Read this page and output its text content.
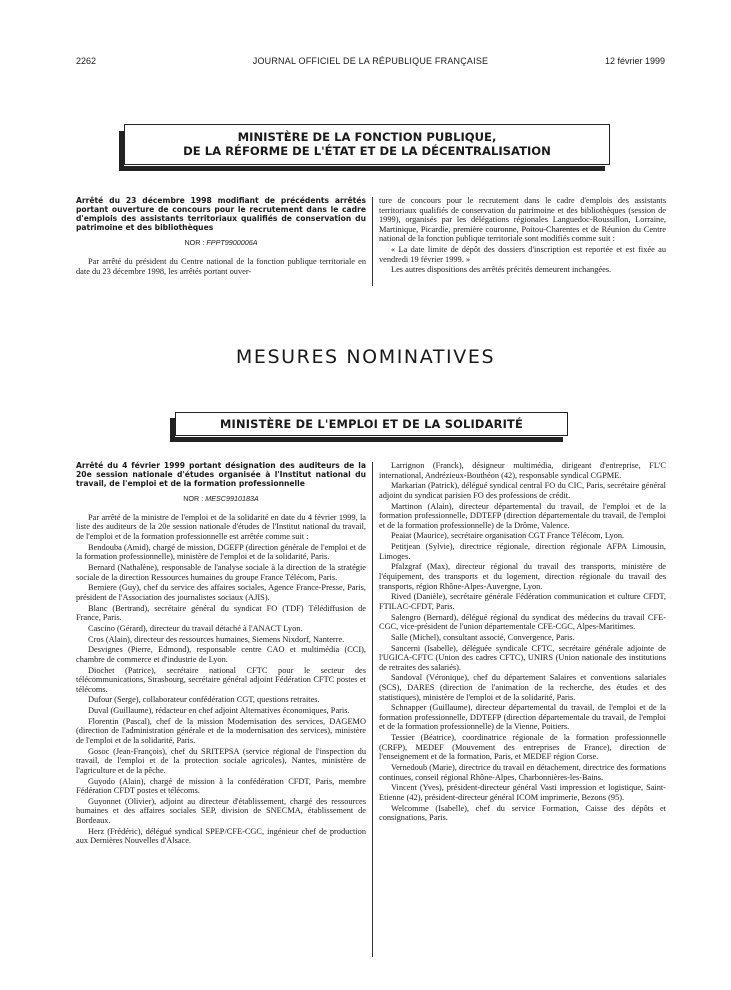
2262	JOURNAL OFFICIEL DE LA RÉPUBLIQUE FRANÇAISE	12 février 1999
MINISTÈRE DE LA FONCTION PUBLIQUE,
DE LA RÉFORME DE L'ÉTAT ET DE LA DÉCENTRALISATION

Arrêté du 23 décembre 1998 modifiant de précédents arrêtés portant ouverture de concours pour le recrutement dans le cadre d'emplois des assistants territoriaux qualifiés de conservation du patrimoine et des bibliothèques

NOR : FPPT9900006A

Par arrêté du président du Centre national de la fonction publique territoriale en date du 23 décembre 1998, les arrêtés portant ouver-

ture de concours pour le recrutement dans le cadre d'emplois des assistants territoriaux qualifiés de conservation du patrimoine et des bibliothèques (session de 1999), organisés par les délégations régionales Languedoc-Roussillon, Lorraine, Martinique, Picardie, première couronne, Poitou-Charentes et de Réunion du Centre national de la fonction publique territoriale sont modifiés comme suit :

« La date limite de dépôt des dossiers d'inscription est reportée et est fixée au vendredi 19 février 1999. »

Les autres dispositions des arrêtés précités demeurent inchangées.

MESURES NOMINATIVES
MINISTÈRE DE L'EMPLOI ET DE LA SOLIDARITÉ

Arrêté du 4 février 1999 portant désignation des auditeurs de la 20e session nationale d'études organisée à l'Institut national du travail, de l'emploi et de la formation professionnelle

NOR : MESC9910183A

Par arrêté de la ministre de l'emploi et de la solidarité en date du 4 février 1999, la liste des auditeurs de la 20e session nationale d'études de l'Institut national du travail, de l'emploi et de la formation professionnelle est arrêtée comme suit :

Bendouba (Amid), chargé de mission, DGEFP (direction générale de l'emploi et de la formation professionnelle), ministère de l'emploi et de la solidarité, Paris.

Bernard (Nathalène), responsable de l'analyse sociale à la direction de la stratégie sociale de la direction Ressources humaines du groupe France Télécom, Paris.

Berniere (Guy), chef du service des affaires sociales, Agence France-Presse, Paris, président de l'Association des journalistes sociaux (AJIS).

Blanc (Bertrand), secrétaire général du syndicat FO (TDF) Télédiffusion de France, Paris.

Cascino (Gérard), directeur du travail détaché à l'ANACT Lyon.

Cros (Alain), directeur des ressources humaines, Siemens Nixdorf, Nanterre.

Desvignes (Pierre, Edmond), responsable centre CAO et multimédia (CCI), chambre de commerce et d'industrie de Lyon.

Diochet (Patrice), secrétaire national CFTC pour le secteur des télécommunications, Strasbourg, secrétaire général adjoint Fédération CFTC postes et télécoms.

Dufour (Serge), collaborateur confédération CGT, questions retraites.

Duval (Guillaume), rédacteur en chef adjoint Alternatives économiques, Paris.

Florentin (Pascal), chef de la mission Modernisation des services, DAGEMO (direction de l'administration générale et de la modernisation des services), ministère de l'emploi et de la solidarité, Paris.

Gosoc (Jean-François), chef du SRITEPSA (service régional de l'inspection du travail, de l'emploi et de la protection sociale agricoles), Nantes, ministère de l'agriculture et de la pêche.

Guyodo (Alain), chargé de mission à la confédération CFDT, Paris, membre Fédération CFDT postes et télécoms.

Guyonnet (Olivier), adjoint au directeur d'établissement, chargé des ressources humaines et des affaires sociales SEP, division de SNECMA, établissement de Bordeaux.

Herz (Frédéric), délégué syndical SPEP/CFE-CGC, ingénieur chef de production aux Dernières Nouvelles d'Alsace.

Larrignon (Franck), désigneur multimédia, dirigeant d'entreprise, FL'C international, Andrézieux-Bouthéon (42), responsable syndical CGPME.

Markarian (Patrick), délégué syndical central FO du CIC, Paris, secrétaire général adjoint du syndicat parisien FO des professions de crédit.

Martinon (Alain), directeur départemental du travail, de l'emploi et de la formation professionnelle, DDTEFP (direction départementale du travail, de l'emploi et de la formation professionnelle) de la Drôme, Valence.

Peaiat (Maurice), secrétaire organisation CGT France Télécom, Lyon.

Petitjean (Sylvie), directrice régionale, direction régionale AFPA Limousin, Limoges.

Pfalzgraf (Max), directeur régional du travail des transports, ministère de l'équipement, des transports et du logement, direction régionale du travail des transports, région Rhône-Alpes-Auvergne, Lyon.

Rived (Danièle), secrétaire générale Fédération communication et culture CFDT, FTILAC-CFDT, Paris.

Salengro (Bernard), délégué régional du syndicat des médecins du travail CFE-CGC, vice-président de l'union départementale CFE-CGC, Alpes-Maritimes.

Salle (Michel), consultant associé, Convergence, Paris.

Sancerni (Isabelle), déléguée syndicale CFTC, secrétaire générale adjointe de l'UGICA-CFTC (Union des cadres CFTC), UNIRS (Union nationale des institutions de retraites des salariés).

Sandoval (Véronique), chef du département Salaires et conventions salariales (SCS), DARES (direction de l'animation de la recherche, des études et des statistiques), ministère de l'emploi et de la solidarité, Paris.

Schnapper (Guillaume), directeur départemental du travail, de l'emploi et de la formation professionnelle, DDTEFP (direction départementale du travail, de l'emploi et de la formation professionnelle) de la Vienne, Poitiers.

Tessier (Béatrice), coordinatrice régionale de la formation professionnelle (CRFP), MEDEF (Mouvement des entreprises de France), direction de l'enseignement et de la formation, Paris, et MEDEF région Corse.

Vernedoub (Marie), directrice du travail en détachement, directrice des formations continues, conseil régional Rhône-Alpes, Charbonnières-les-Bains.

Vincent (Yves), président-directeur général Vasti impression et logistique, Saint-Etienne (42), président-directeur général ICOM imprimerie, Bezons (95).

Welcomme (Isabelle), chef du service Formation, Caisse des dépôts et consignations, Paris.
